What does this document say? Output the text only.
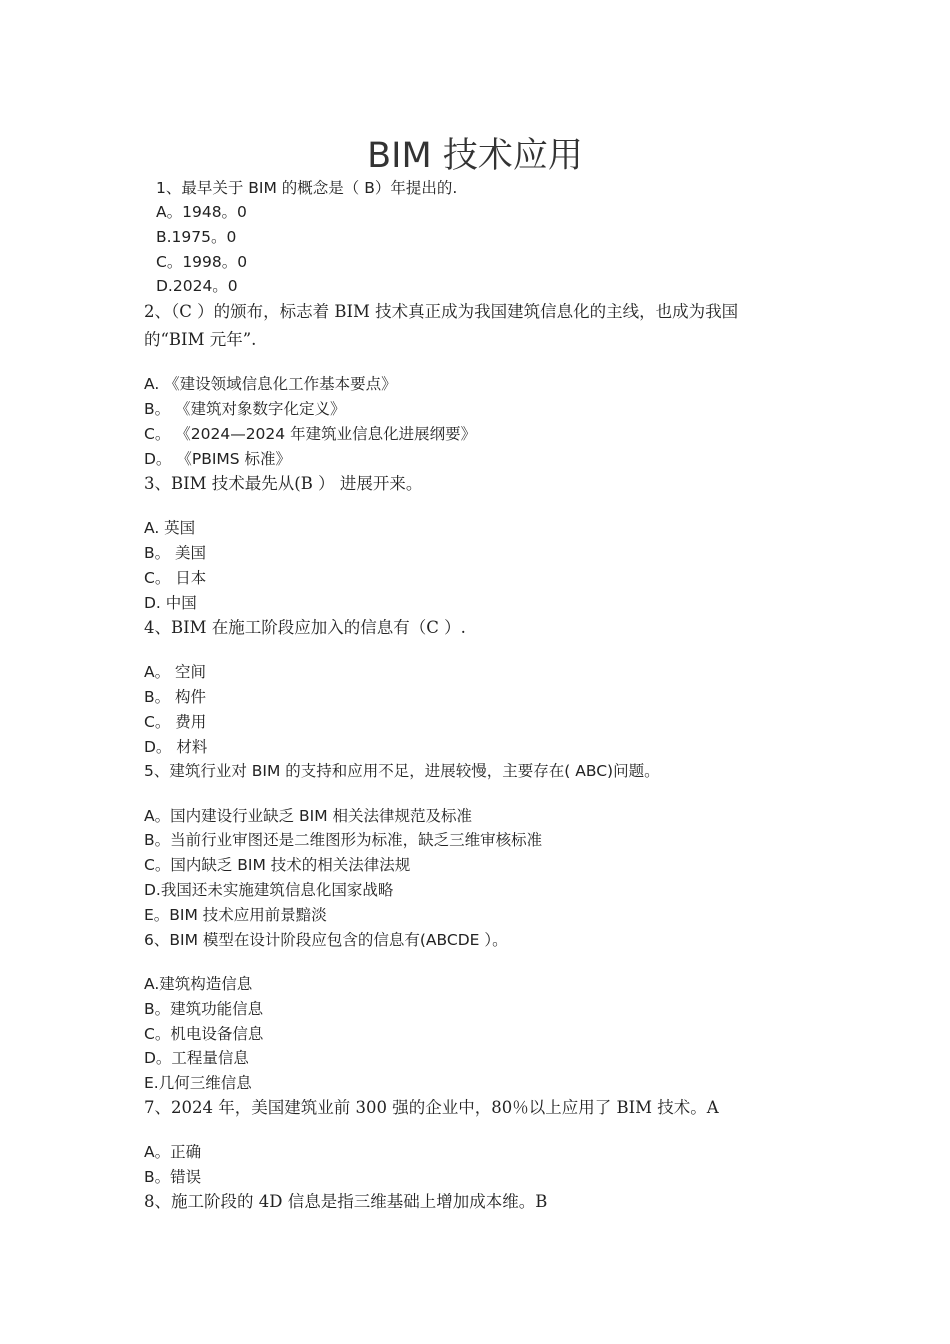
BIM 技术应用
1、最早关于 BIM 的概念是（ B）年提出的.
A。1948。0
B.1975。0
C。1998。0
D.2024。0
2、（C ）的颁布，标志着 BIM 技术真正成为我国建筑信息化的主线，也成为我国
的“BIM 元年”.
A. 《建设领域信息化工作基本要点》
B。 《建筑对象数字化定义》
C。 《2024—2024 年建筑业信息化进展纲要》
D。 《PBIMS 标准》
3、BIM 技术最先从(B ） 进展开来。
A. 英国
B。 美国
C。 日本
D. 中国
4、BIM 在施工阶段应加入的信息有（C ）.
A。 空间
B。 构件
C。 费用
D。 材料
5、建筑行业对 BIM 的支持和应用不足，进展较慢，主要存在( ABC)问题。
A。国内建设行业缺乏 BIM 相关法律规范及标准
B。当前行业审图还是二维图形为标准，缺乏三维审核标准
C。国内缺乏 BIM 技术的相关法律法规
D.我国还未实施建筑信息化国家战略
E。BIM 技术应用前景黯淡
6、BIM 模型在设计阶段应包含的信息有(ABCDE ）。
A.建筑构造信息
B。建筑功能信息
C。机电设备信息
D。工程量信息
E.几何三维信息
7、2024 年，美国建筑业前 300 强的企业中，80％以上应用了 BIM 技术。A
A。正确
B。错误
8、施工阶段的 4D 信息是指三维基础上增加成本维。B
